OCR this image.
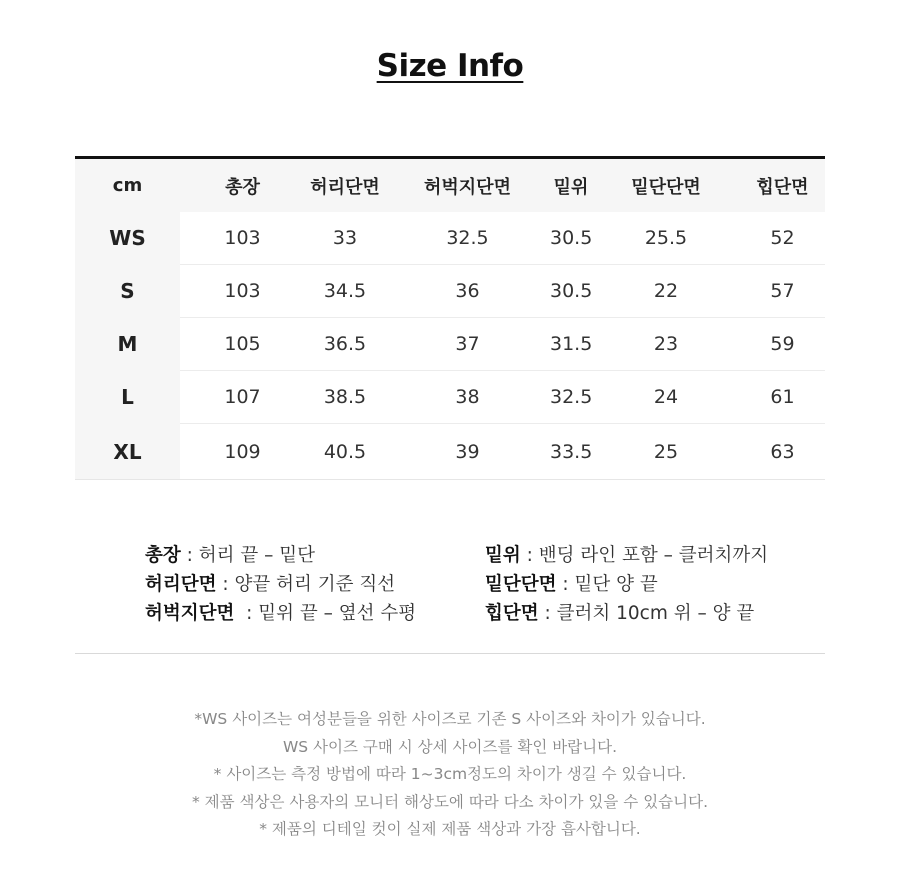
Size Info
cm	총장	허리단면	허벅지단면	밑위	밑단단면	힙단면
WS	103	33	32.5	30.5	25.5	52
S	103	34.5	36	30.5	22	57
M	105	36.5	37	31.5	23	59
L	107	38.5	38	32.5	24	61
XL	109	40.5	39	33.5	25	63
총장 : 허리 끝 – 밑단	밑위 : 밴딩 라인 포함 – 클러치까지
허리단면 : 양끝 허리 기준 직선	밑단단면 : 밑단 양 끝
허벅지단면  : 밑위 끝 – 옆선 수평	힙단면 : 클러치 10cm 위 – 양 끝
*WS 사이즈는 여성분들을 위한 사이즈로 기존 S 사이즈와 차이가 있습니다.
WS 사이즈 구매 시 상세 사이즈를 확인 바랍니다.
* 사이즈는 측정 방법에 따라 1~3cm정도의 차이가 생길 수 있습니다.
* 제품 색상은 사용자의 모니터 해상도에 따라 다소 차이가 있을 수 있습니다.
* 제품의 디테일 컷이 실제 제품 색상과 가장 흡사합니다.
